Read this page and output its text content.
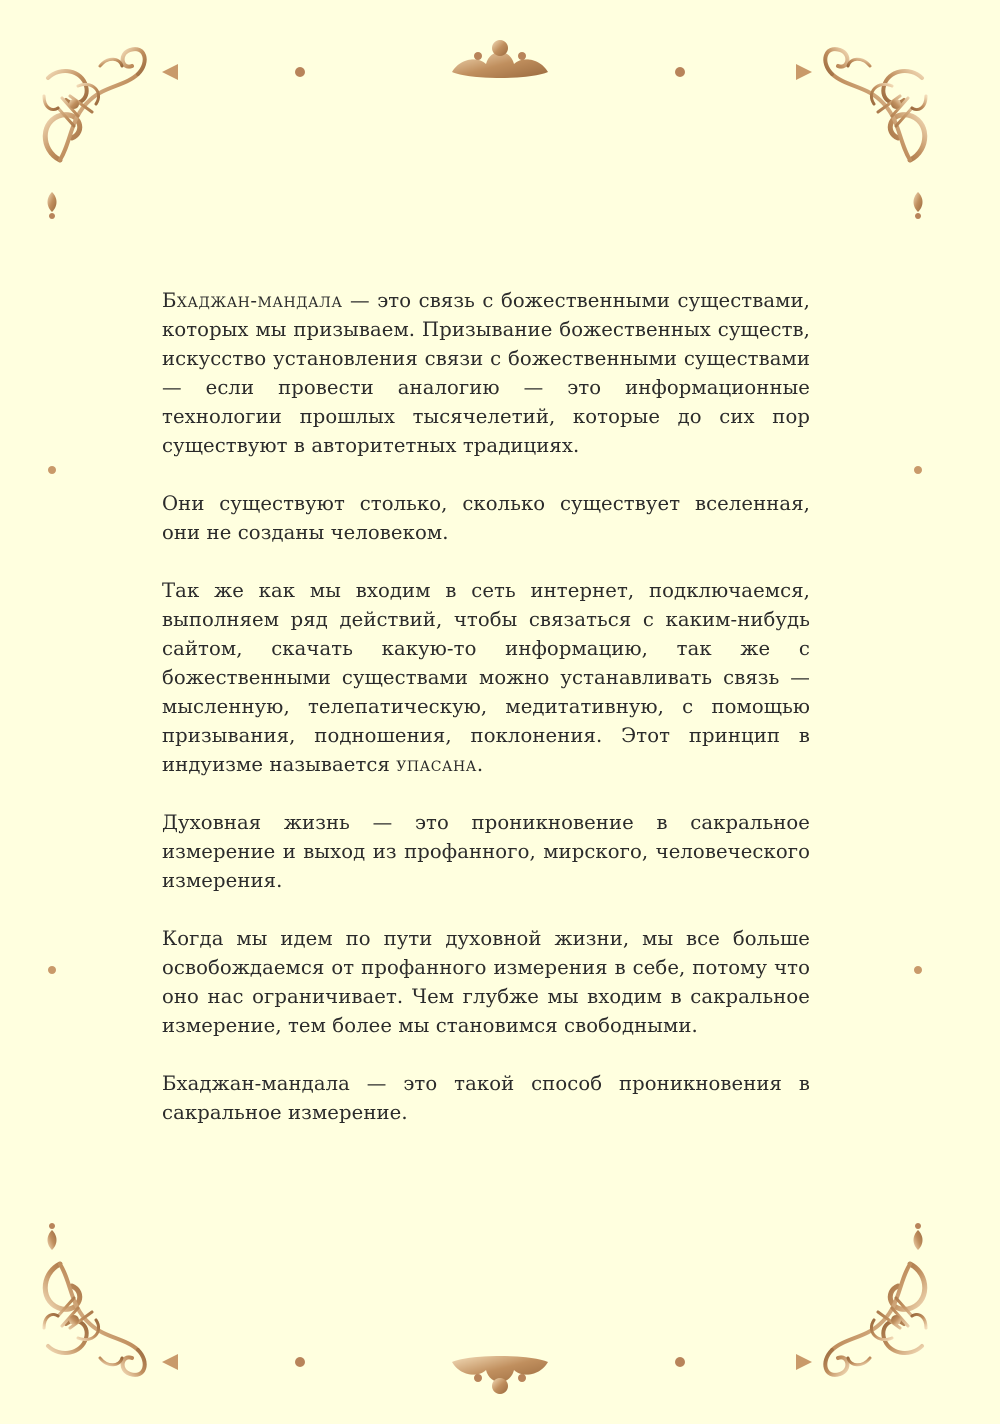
Бхаджан-мандала — это связь с божественными существами, которых мы призываем. Призывание божественных существ, искусство установления связи с божественными существами — если провести аналогию — это информационные технологии прошлых тысячелетий, которые до сих пор существуют в авторитетных традициях.

Они существуют столько, сколько существует вселенная, они не созданы человеком.

Так же как мы входим в сеть интернет, подключаемся, выполняем ряд действий, чтобы связаться с каким-нибудь сайтом, скачать какую-то информацию, так же с божественными существами можно устанавливать связь — мысленную, телепатическую, медитативную, с помощью призывания, подношения, поклонения. Этот принцип в индуизме называется упасана.

Духовная жизнь — это проникновение в сакральное измерение и выход из профанного, мирского, человеческого измерения.

Когда мы идем по пути духовной жизни, мы все больше освобождаемся от профанного измерения в себе, потому что оно нас ограничивает. Чем глубже мы входим в сакральное измерение, тем более мы становимся свободными.

Бхаджан-мандала — это такой способ проникновения в сакральное измерение.
